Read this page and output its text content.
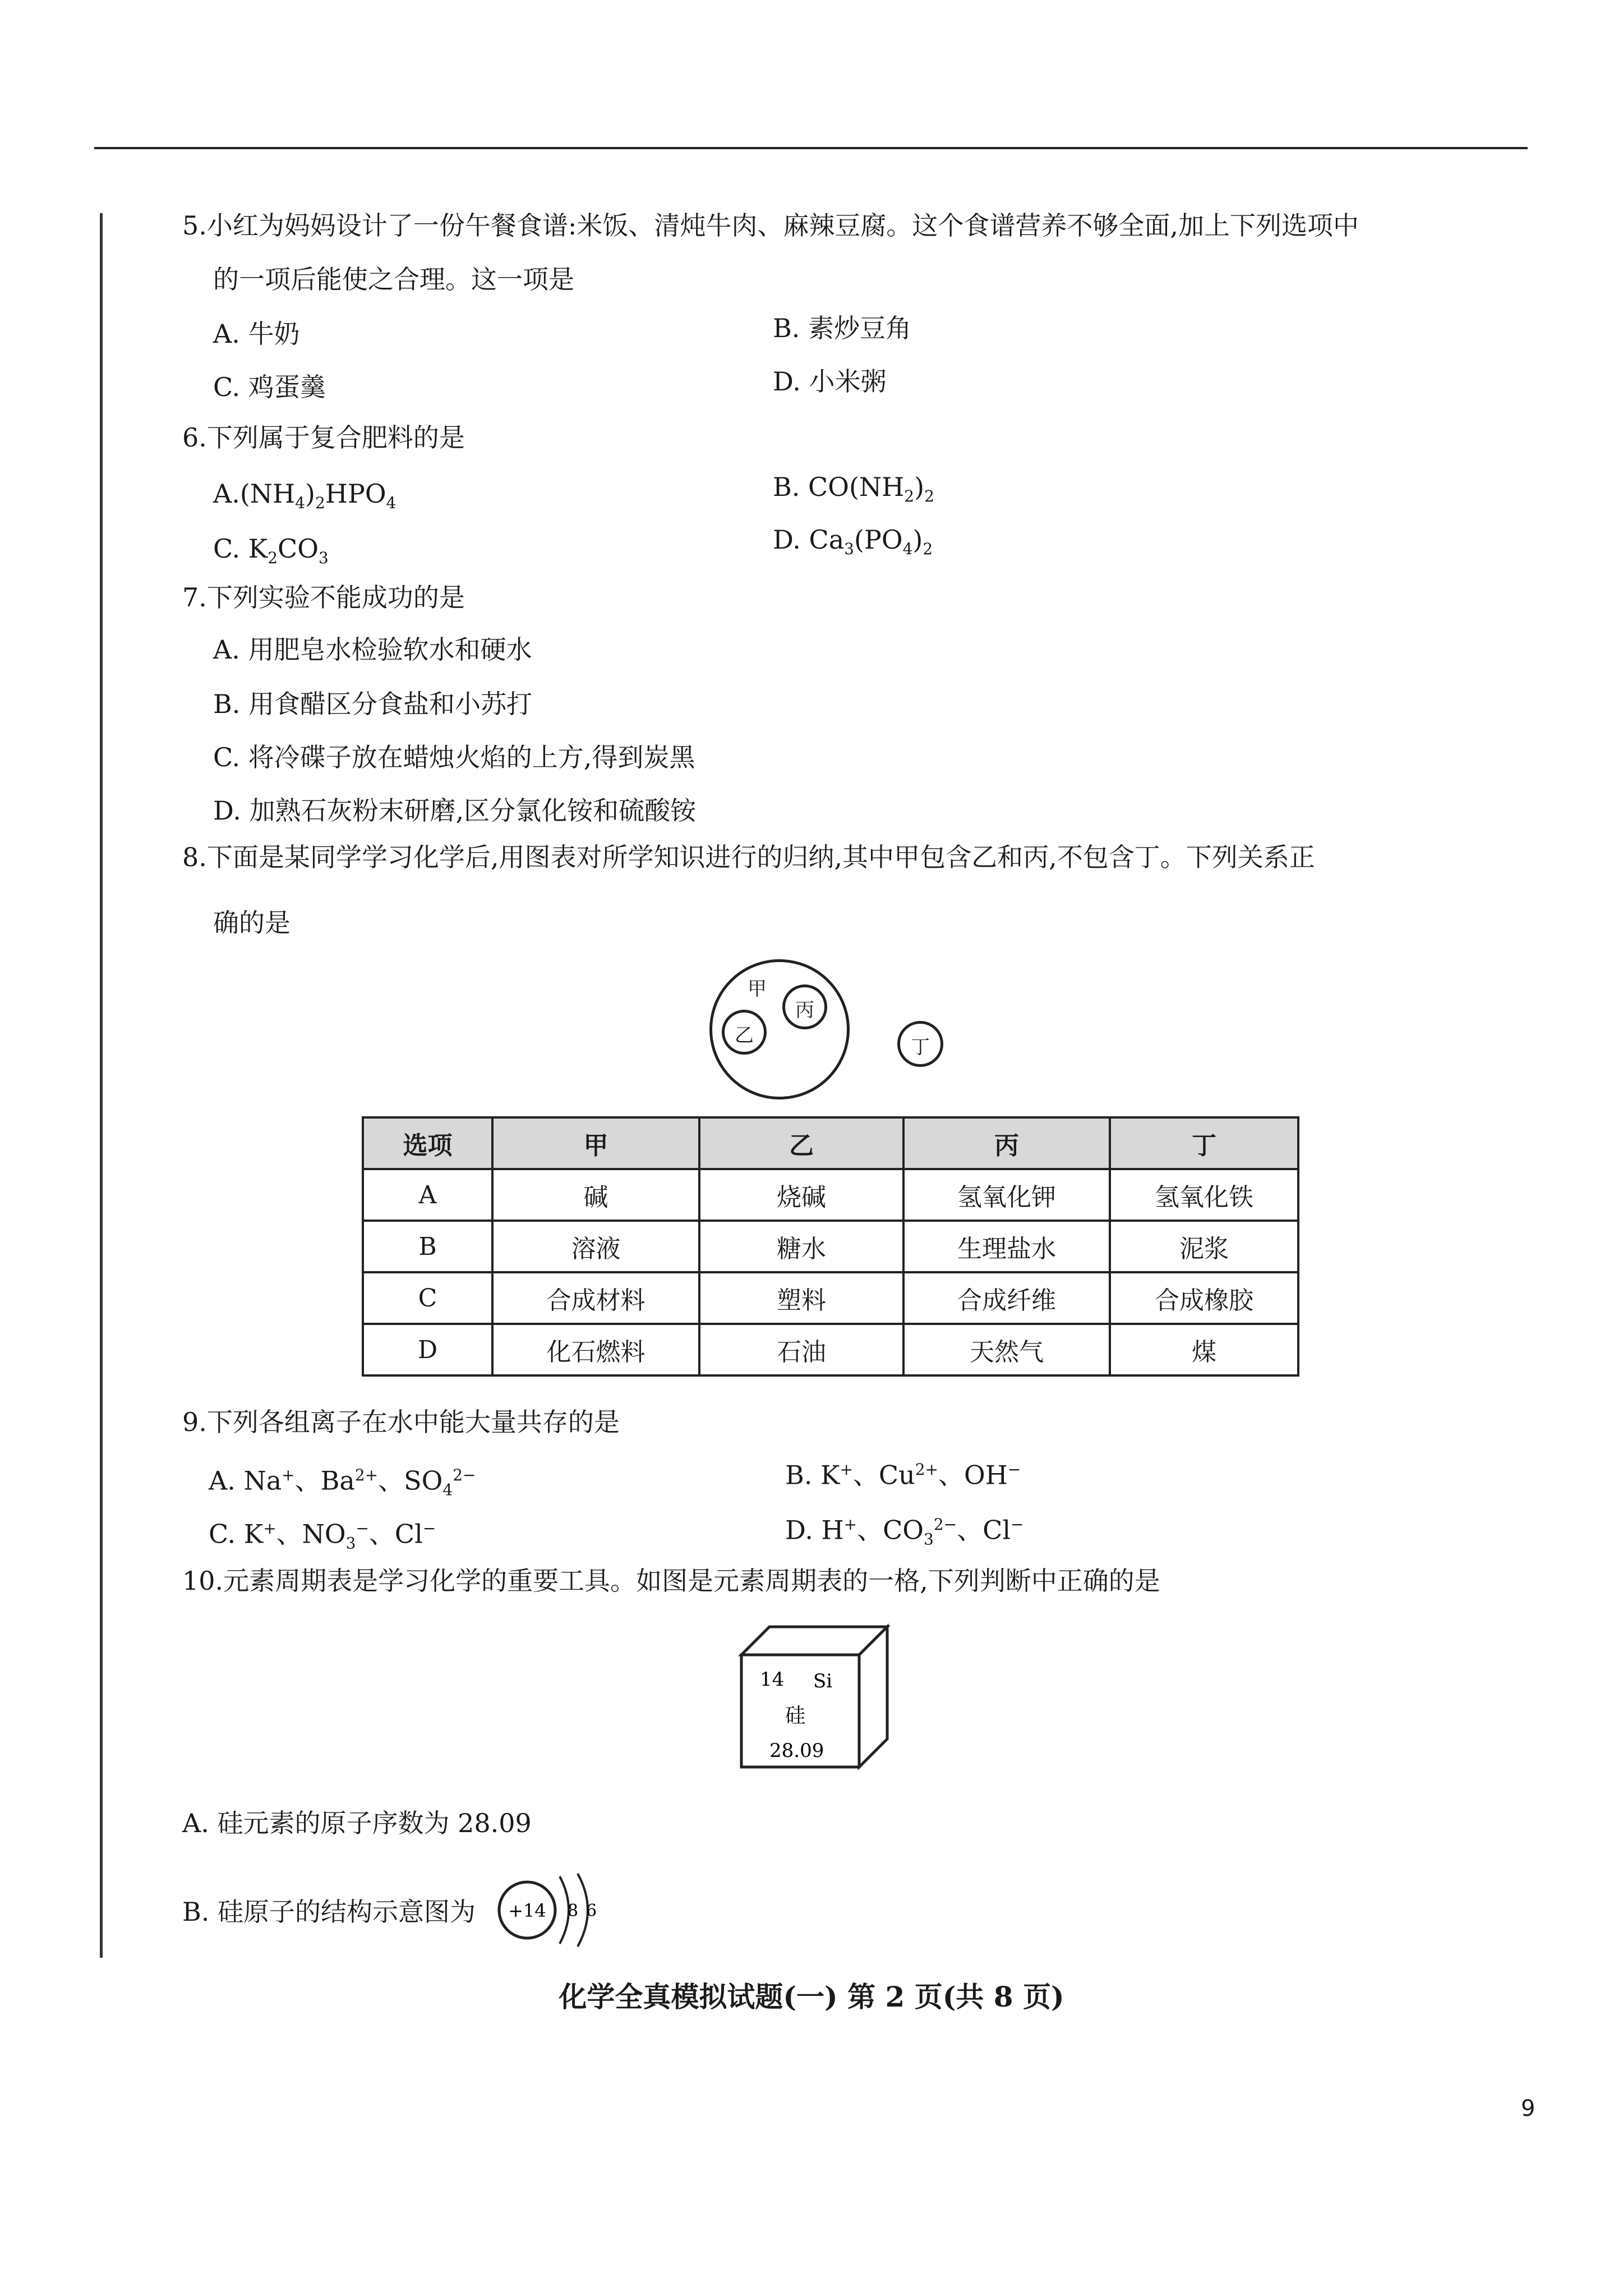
5.小红为妈妈设计了一份午餐食谱:米饭、清炖牛肉、麻辣豆腐。这个食谱营养不够全面,加上下列选项中
的一项后能使之合理。这一项是
A. 牛奶	B. 素炒豆角
C. 鸡蛋羹	D. 小米粥
6.下列属于复合肥料的是
$A.(NH_4)_2HPO_4$
B. $CO(NH_2)_2$
C. $K_2CO_3$
D. $Ca_3(PO_4)_2$
7.下列实验不能成功的是
A. 用肥皂水检验软水和硬水
B. 用食醋区分食盐和小苏打
C. 将冷碟子放在蜡烛火焰的上方,得到炭黑
D. 加熟石灰粉末研磨,区分氯化铵和硫酸铵
8.下面是某同学学习化学后,用图表对所学知识进行的归纳,其中甲包含乙和丙,不包含丁。下列关系正
确的是
甲
乙
丙
丁
选项	甲	乙	丙	丁
A	碱	烧碱	氢氧化钾	氢氧化铁
B	溶液	糖水	生理盐水	泥浆
C	合成材料	塑料	合成纤维	合成橡胶
D	化石燃料	石油	天然气	煤
9.下列各组离子在水中能大量共存的是
A. Na+、$Ba^{2+}$、$SO_4^{2-}$	B. K+、$Cu^{2+}$、OH−
C. K+、$NO_3^-$、Cl−	D. H+、$CO_3^{2-}$、Cl−
10.元素周期表是学习化学的重要工具。如图是元素周期表的一格,下列判断中正确的是
14 Si
硅
28.09
A. 硅元素的原子序数为 28.09
B. 硅原子的结构示意图为 +14 8 6
化学全真模拟试题(一) 第 2 页(共 8 页)
9
